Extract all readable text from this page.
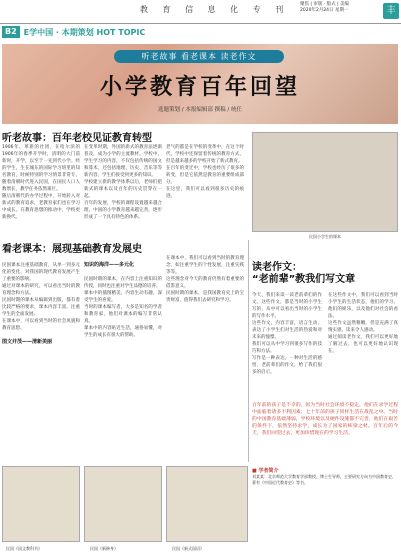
教 育 信 息 化 专 刊
聚焦 | 审版 · 版式 | 美编
2020年2月24日 星期一	丰
B2 E学中国 · 本期策划 HOT TOPIC
听老故事 看老课本 读老作文
小学教育百年回望
选题策划 / 本报编辑部 撰稿 / 统任
听老故事：百年老校见证教育转型
1906年，革新的社团，在哈尔滨的1906年的春季开学时，清明的大门前新时，开学，以至于一先到代小学。经的学生，生在城东的国际学习班里的知名教育，时候特别的学习情景非常专。随着清朝时代进入民国，在国民人口人数增长，教学任务依然艰巨。
随后清朝代的办学过程中，开始转入对新式的教育追求，老教育家们也在学习中成长。在教育思想的推动中，学校更新换代。
在变革时期，外国的新式的教育法逐渐普及，成为小学的主流教材。学校中，学生学习的内容，不仅包括传统的国文和算术，还包括地理、历史、音乐等等新内容，学生们接受到更多的知识。
学校建立新的教学体系以后，老师们把新式的课本以及百年的历史贯穿在一起。
百年的发展，学校的课程设置越来越合理，中国的小学教育越来越完善，逐步形成了一个具有特色的体系。
老气的都是在学校的变革中，在这个时代，学校中还保留着传统的教育方式，但是越来越多的学校开始了新式教育。
在百年的变迁中，学校也经历了很多的转变，但是它依然是教育的重要组成部分。
在这里，我们可以看到很多历史的痕迹。
民国小学生的课本
看老课本：展现基础教育发展史

民国课本注重基础教育，从单一到多元化的变化，对我国的现代教育发展产生了重要的影响。
通过对课本的研究，可以看出当时的教育理念和方法。
民国时期的课本从编辑到出版，都有着比较严格的要求，课本内容丰富，注重学生的全面发展。
在课本中，可以看到当时的社会风貌和教育思想。

图文并茂——清新美丽

知识的海洋——多元化

民国时期的课本，在内容上注重知识的传授，同时也注重对学生品德的培养。
课本中的插图精美，内容生动有趣，深受学生的喜爱。
当时的课本编写者，大多是知名的学者和教育家，他们对课本的编写非常认真。
课本中的内容贴近生活，通俗易懂，对学生的成长有很大的帮助。

在课本中，我们可以看到当时的教育理念，如注重学生的个性发展，注重实践等等。
这些理念对今天的教育仍然有着重要的借鉴意义。
民国时期的课本，是我国教育史上的宝贵财富，值得我们去研究和学习。
读老作文：
“老前辈”教我们写文章
今天，我们来读一读老前辈们的作文。这些作文，都是当时的小学生写的，从中可以看出当时的小学生的写作水平。
这些作文，内容丰富，语言生动，表达了小学生们对生活的热爱和对未来的憧憬。
我们可以从中学习到很多写作的技巧和方法。
写作是一种表达，一种对生活的感悟，老前辈们的作文，给了我们很多的启示。
在这些作文中，我们可以看到当时小学生的生活状态，他们的学习、他们的娱乐，以及他们对社会的看法。
这些作文虽然稚嫩，但是充满了真情实感，读来令人感动。
通过阅读老作文，我们可以更好地了解过去，也可以更好地认识现在。
百年前的孩子是不幸的，因为当时社会环境不稳定，他们在求学过程中面临着诸多不利因素；七十年前的孩子同样生活在战乱之中。当时的中国教育基础薄弱，学校环境以及硬件设施都不完善，他们在艰苦的条件下，依然坚持求学，成长为了国家的栋梁之材。百年后的今天，我们回望过去，更加珍惜现在的学习生活。
■ 学者简介
刘某某：北京师范大学教育学部教授，博士生导师，主要研究方向为中国教育史，著有《中国近代教育史》等书。
民国《国文教科书》	民国《新修身》	民国《新式国语》
